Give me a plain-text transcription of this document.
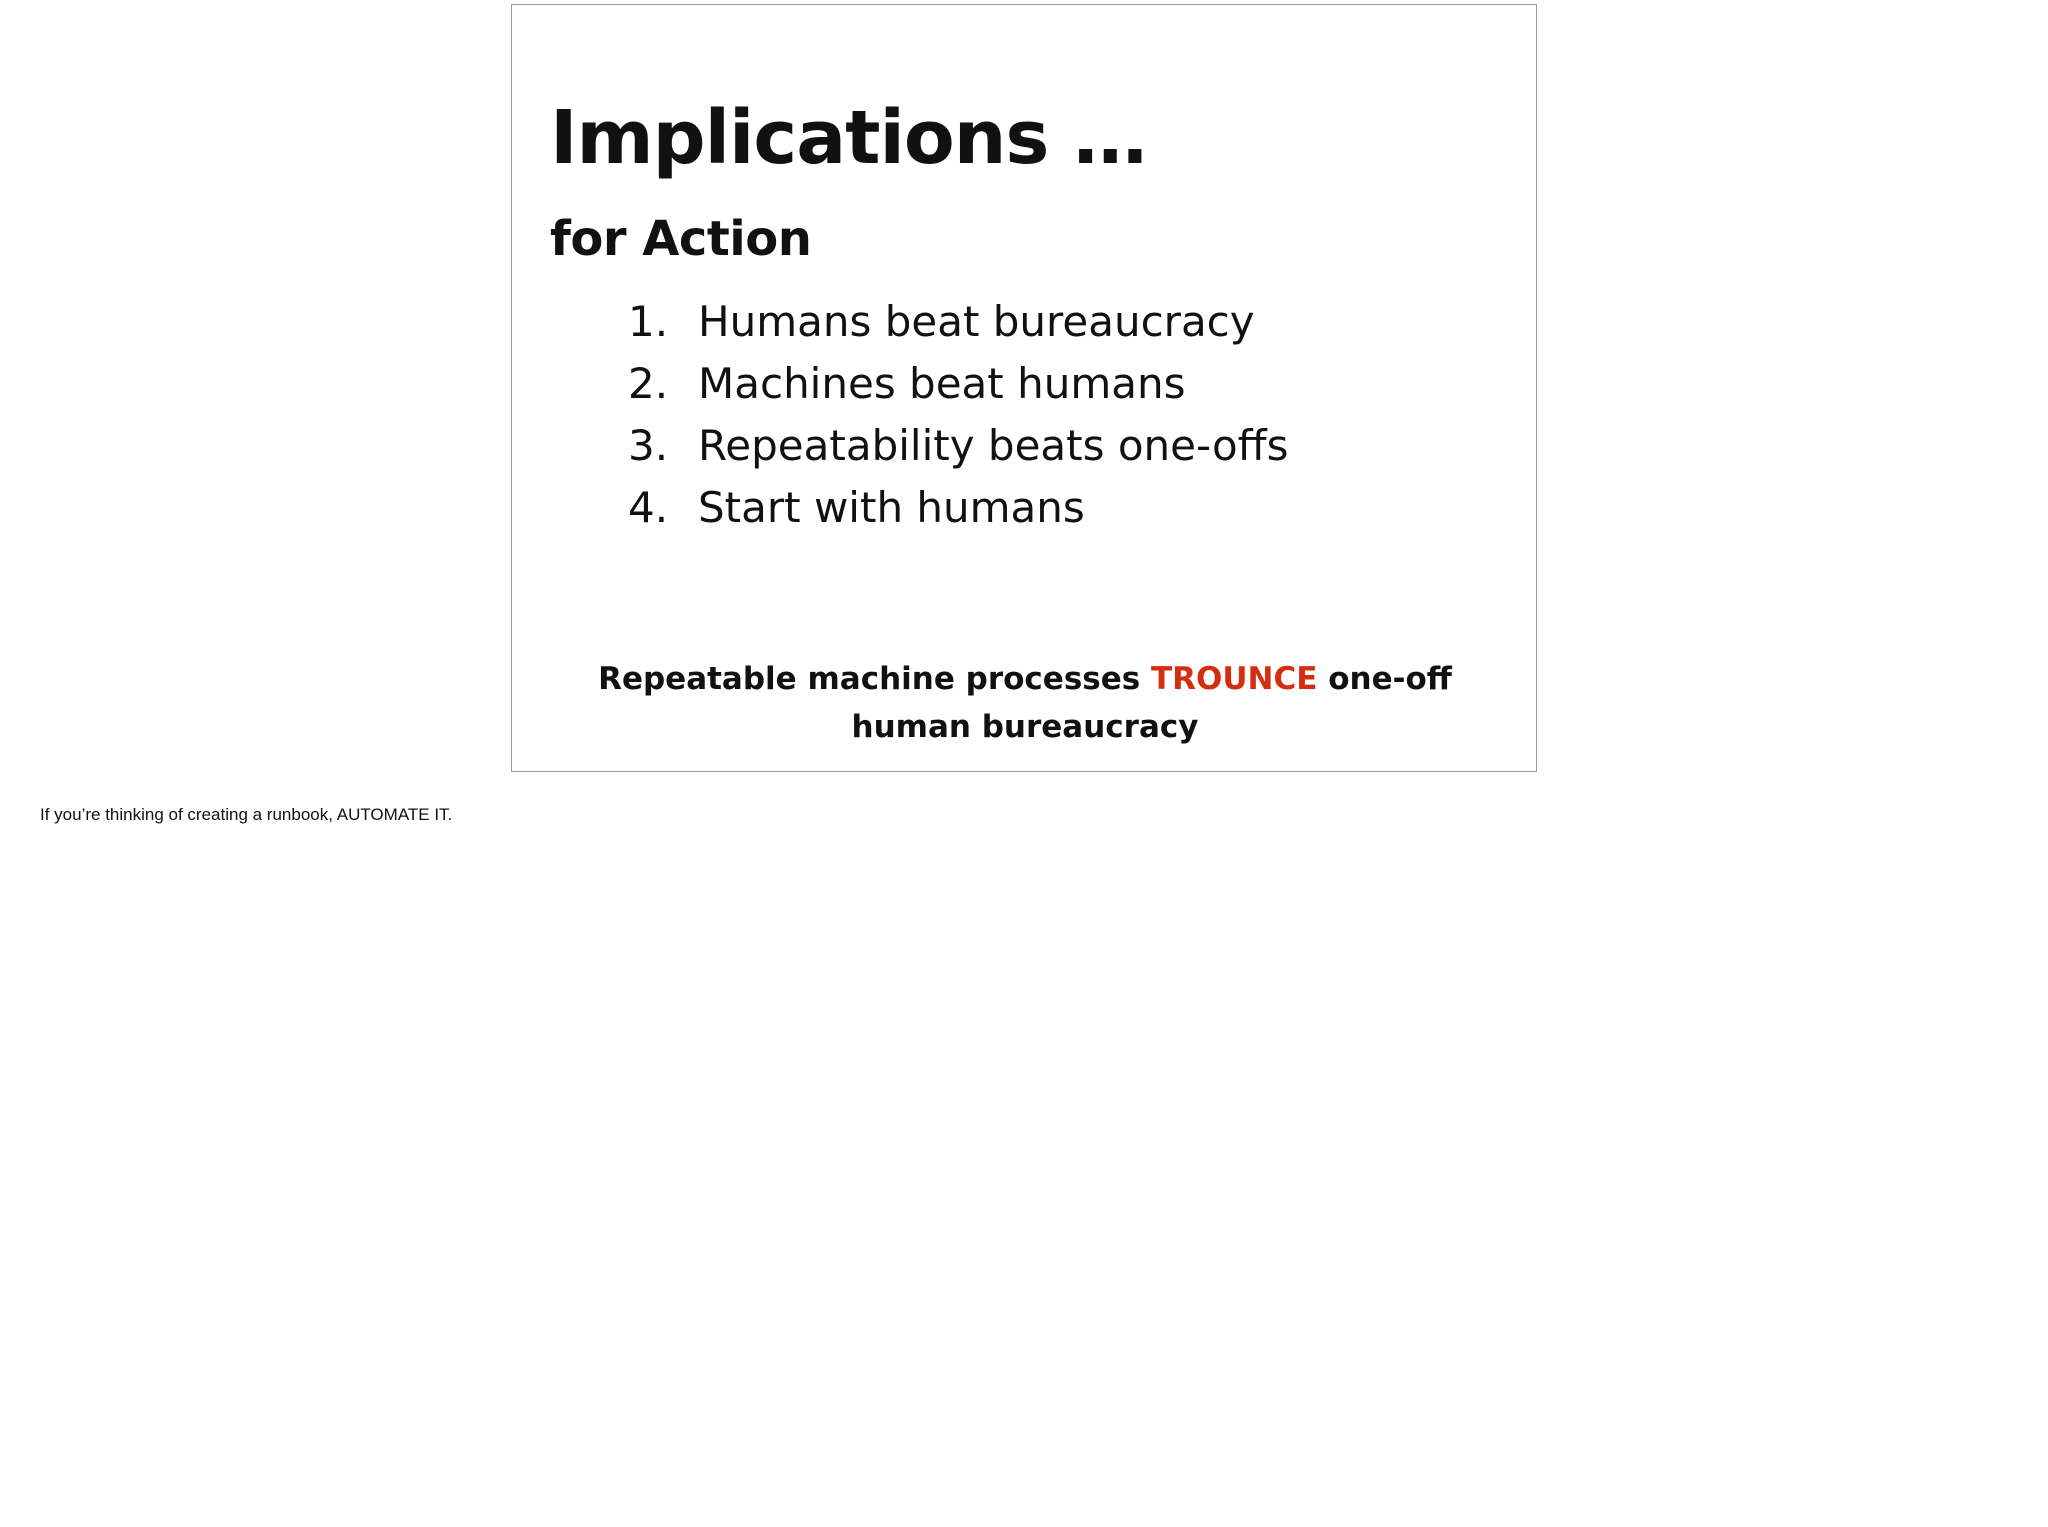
Implications …
for Action
1. Humans beat bureaucracy
2. Machines beat humans
3. Repeatability beats one-offs
4. Start with humans

Repeatable machine processes TROUNCE one-off human bureaucracy

If you’re thinking of creating a runbook, AUTOMATE IT.
